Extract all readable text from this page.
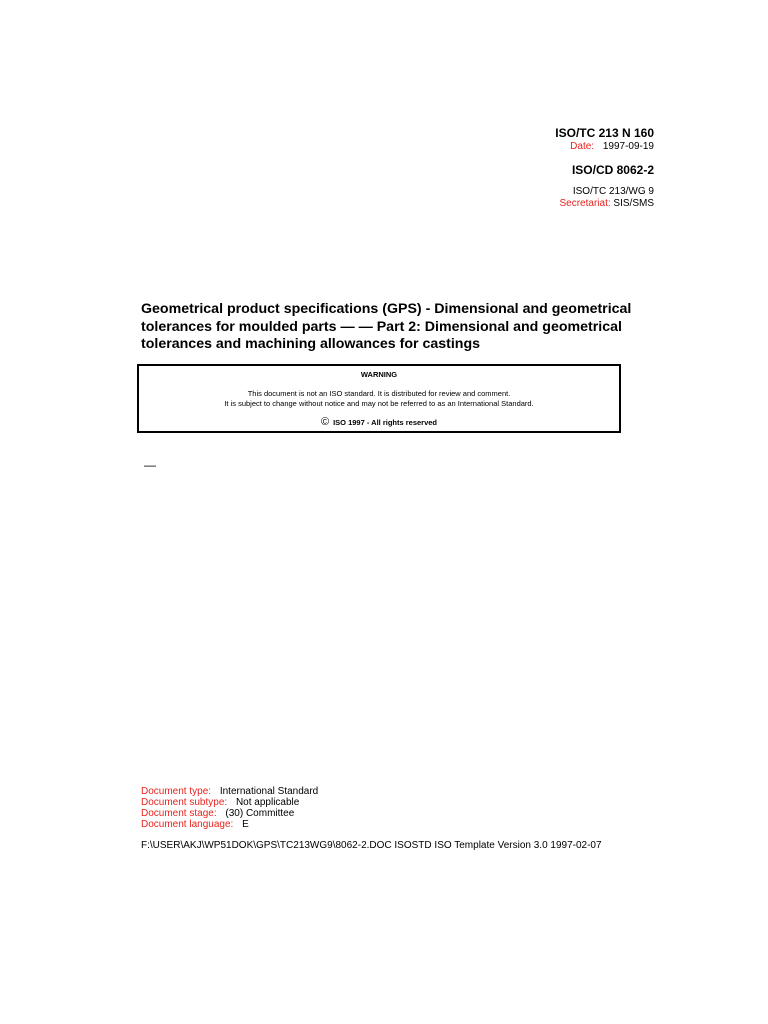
ISO/TC 213 N 160
Date: 1997-09-19
ISO/CD 8062-2
ISO/TC 213/WG 9
Secretariat: SIS/SMS
Geometrical product specifications (GPS) - Dimensional and geometrical
tolerances for moulded parts — — Part 2: Dimensional and geometrical
tolerances and machining allowances for castings
WARNING
This document is not an ISO standard. It is distributed for review and comment.
It is subject to change without notice and may not be referred to as an International Standard.
© ISO 1997 - All rights reserved
—
Document type: International Standard
Document subtype: Not applicable
Document stage: (30) Committee
Document language: E
F:\USER\AKJ\WP51DOK\GPS\TC213WG9\8062-2.DOC ISOSTD ISO Template Version 3.0 1997-02-07
